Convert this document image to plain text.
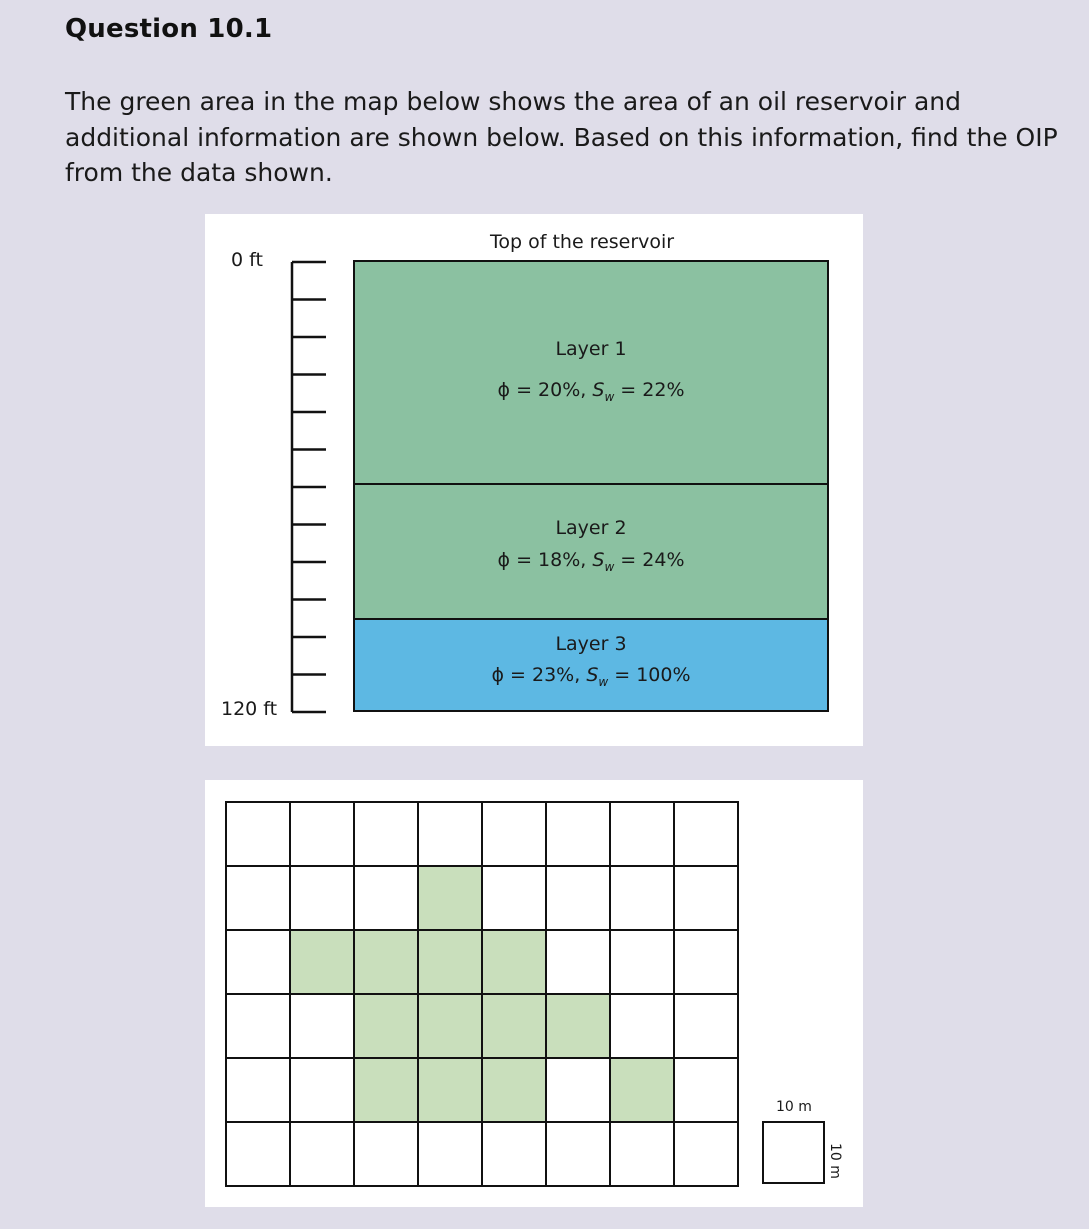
Question 10.1
The green area in the map below shows the area of an oil reservoir and additional information are shown below. Based on this information, find the OIP from the data shown.
Top of the reservoir
0 ft
120 ft
Layer 1
ϕ = 20%, $S_w = 22\%$
Layer 2
ϕ = 18%, $S_w = 24\%$
Layer 3
ϕ = 23%, $S_w = 100\%$
10 m
10 m
